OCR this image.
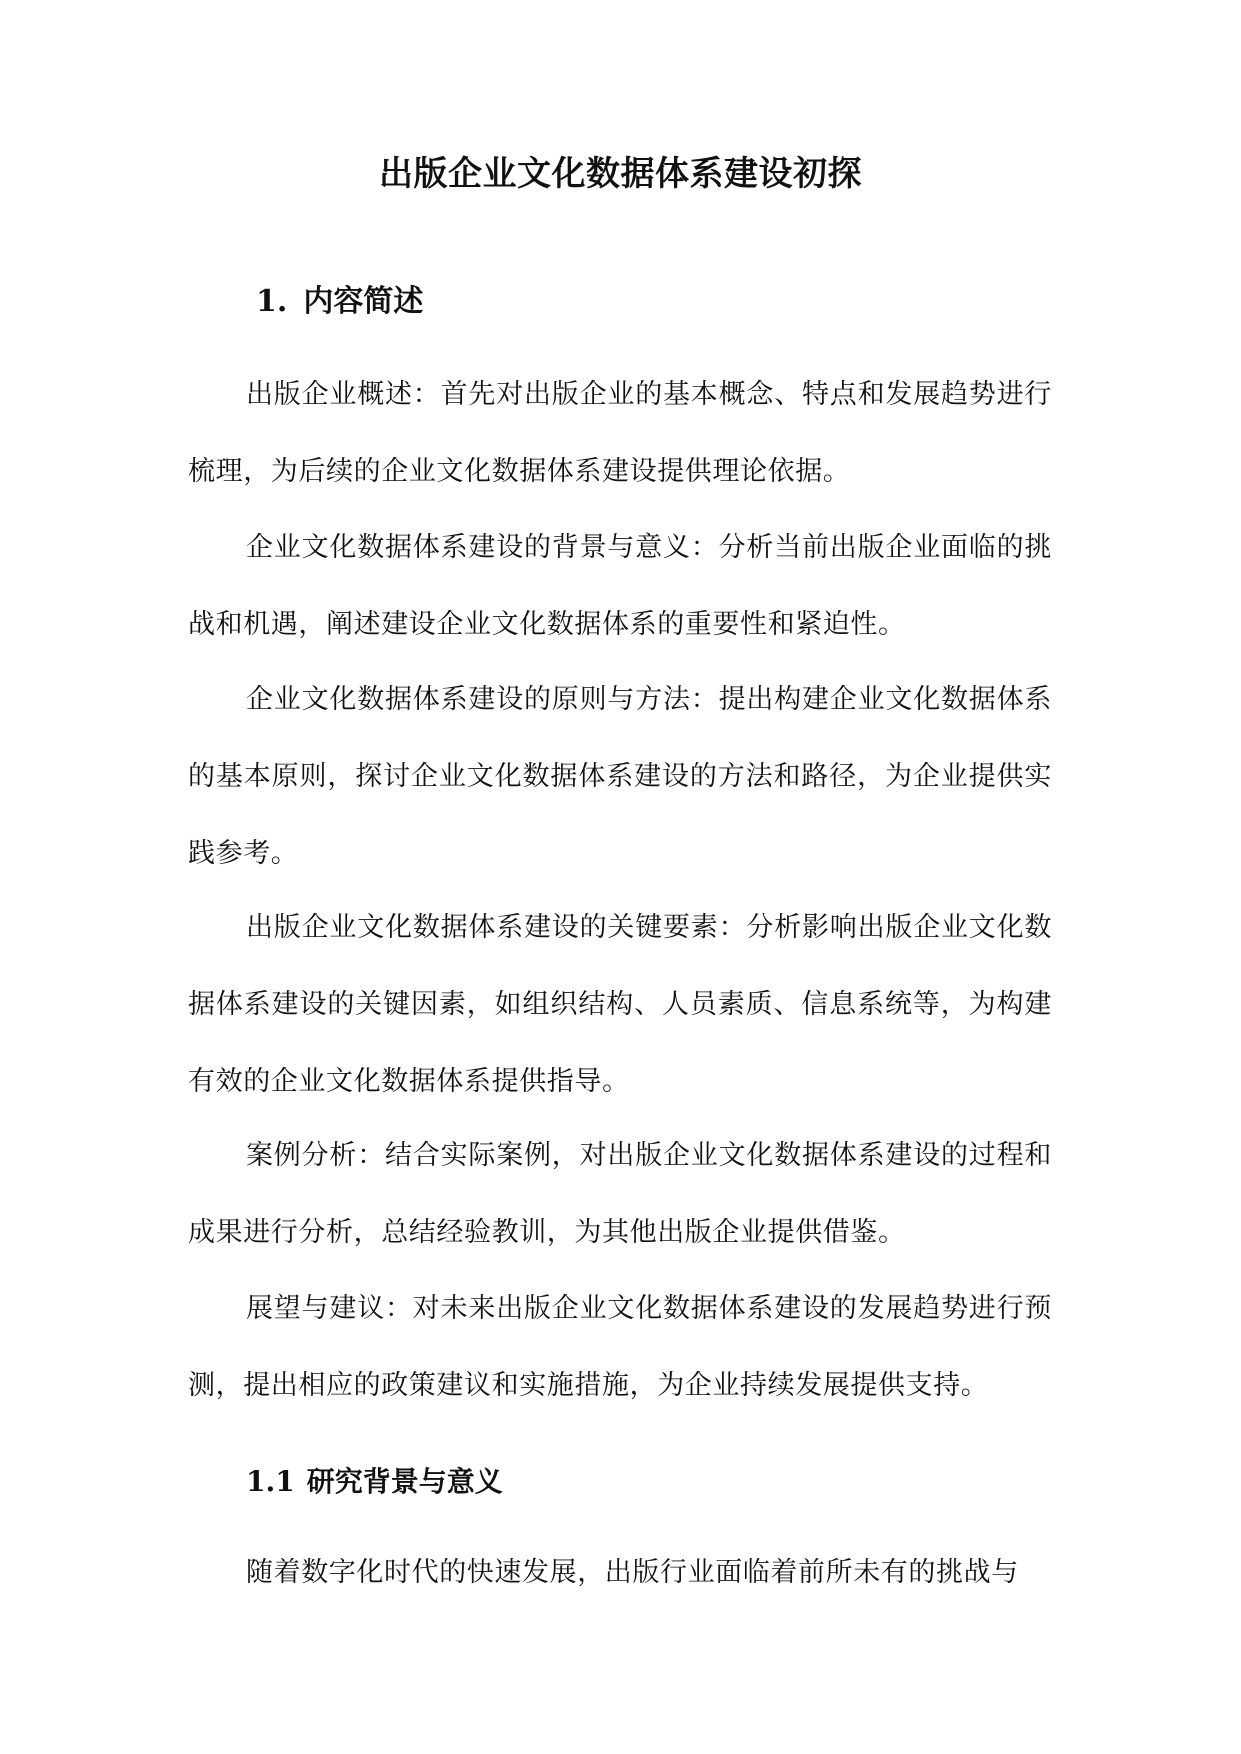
出版企业文化数据体系建设初探
1. 内容简述

出版企业概述：首先对出版企业的基本概念、特点和发展趋势进行梳理，为后续的企业文化数据体系建设提供理论依据。

企业文化数据体系建设的背景与意义：分析当前出版企业面临的挑战和机遇，阐述建设企业文化数据体系的重要性和紧迫性。

企业文化数据体系建设的原则与方法：提出构建企业文化数据体系的基本原则，探讨企业文化数据体系建设的方法和路径，为企业提供实践参考。

出版企业文化数据体系建设的关键要素：分析影响出版企业文化数据体系建设的关键因素，如组织结构、人员素质、信息系统等，为构建有效的企业文化数据体系提供指导。

案例分析：结合实际案例，对出版企业文化数据体系建设的过程和成果进行分析，总结经验教训，为其他出版企业提供借鉴。

展望与建议：对未来出版企业文化数据体系建设的发展趋势进行预测，提出相应的政策建议和实施措施，为企业持续发展提供支持。

1.1 研究背景与意义

随着数字化时代的快速发展，出版行业面临着前所未有的挑战与
